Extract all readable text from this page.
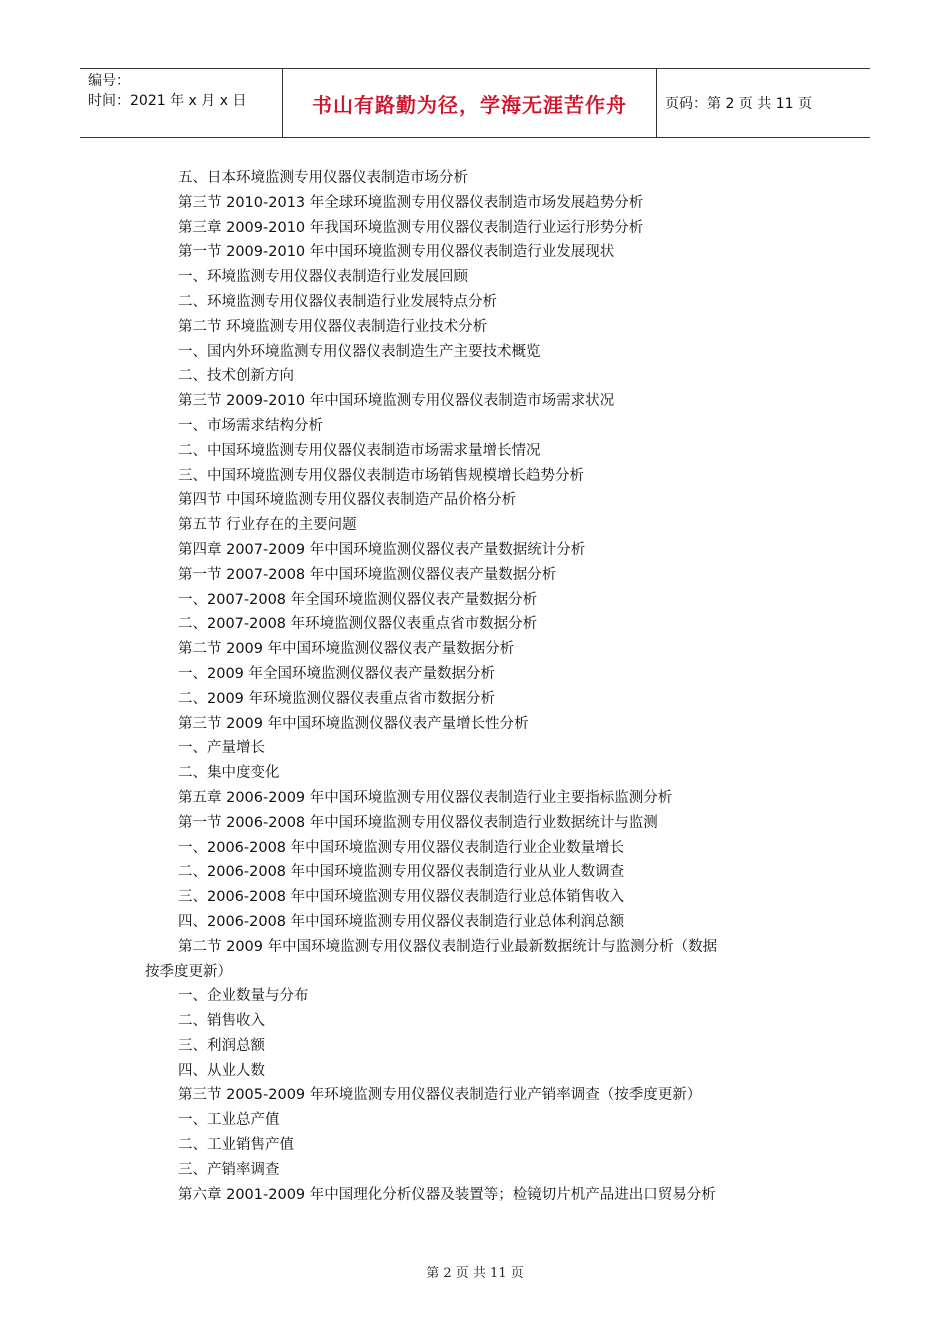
编号：
时间：2021 年 x 月 x 日	书山有路勤为径，学海无涯苦作舟	页码：第 2 页 共 11 页
五、日本环境监测专用仪器仪表制造市场分析
第三节 2010-2013 年全球环境监测专用仪器仪表制造市场发展趋势分析
第三章 2009-2010 年我国环境监测专用仪器仪表制造行业运行形势分析
第一节 2009-2010 年中国环境监测专用仪器仪表制造行业发展现状
一、环境监测专用仪器仪表制造行业发展回顾
二、环境监测专用仪器仪表制造行业发展特点分析
第二节 环境监测专用仪器仪表制造行业技术分析
一、国内外环境监测专用仪器仪表制造生产主要技术概览
二、技术创新方向
第三节 2009-2010 年中国环境监测专用仪器仪表制造市场需求状况
一、市场需求结构分析
二、中国环境监测专用仪器仪表制造市场需求量增长情况
三、中国环境监测专用仪器仪表制造市场销售规模增长趋势分析
第四节 中国环境监测专用仪器仪表制造产品价格分析
第五节 行业存在的主要问题
第四章 2007-2009 年中国环境监测仪器仪表产量数据统计分析
第一节 2007-2008 年中国环境监测仪器仪表产量数据分析
一、2007-2008 年全国环境监测仪器仪表产量数据分析
二、2007-2008 年环境监测仪器仪表重点省市数据分析
第二节 2009 年中国环境监测仪器仪表产量数据分析
一、2009 年全国环境监测仪器仪表产量数据分析
二、2009 年环境监测仪器仪表重点省市数据分析
第三节 2009 年中国环境监测仪器仪表产量增长性分析
一、产量增长
二、集中度变化
第五章 2006-2009 年中国环境监测专用仪器仪表制造行业主要指标监测分析
第一节 2006-2008 年中国环境监测专用仪器仪表制造行业数据统计与监测
一、2006-2008 年中国环境监测专用仪器仪表制造行业企业数量增长
二、2006-2008 年中国环境监测专用仪器仪表制造行业从业人数调查
三、2006-2008 年中国环境监测专用仪器仪表制造行业总体销售收入
四、2006-2008 年中国环境监测专用仪器仪表制造行业总体利润总额
第二节 2009 年中国环境监测专用仪器仪表制造行业最新数据统计与监测分析（数据
按季度更新）
一、企业数量与分布
二、销售收入
三、利润总额
四、从业人数
第三节 2005-2009 年环境监测专用仪器仪表制造行业产销率调查（按季度更新）
一、工业总产值
二、工业销售产值
三、产销率调查
第六章 2001-2009 年中国理化分析仪器及装置等；检镜切片机产品进出口贸易分析
第 2 页 共 11 页
